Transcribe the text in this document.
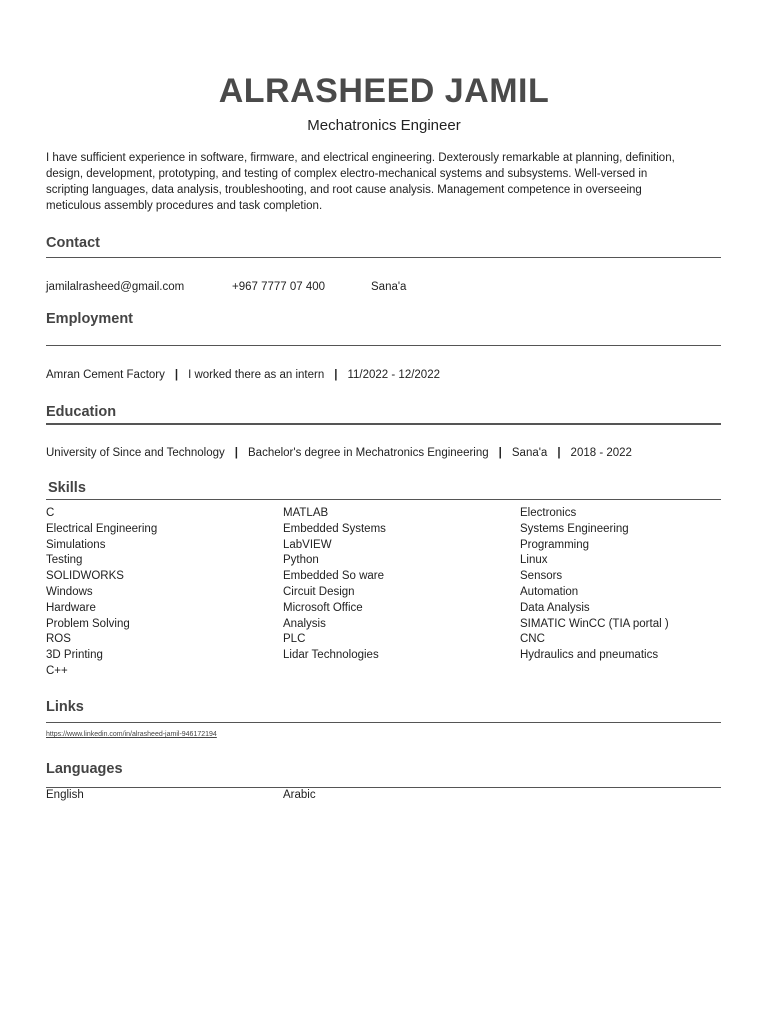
ALRASHEED JAMIL
Mechatronics Engineer
I have sufficient experience in software, firmware, and electrical engineering. Dexterously remarkable at planning, definition, design, development, prototyping, and testing of complex electro-mechanical systems and subsystems. Well-versed in scripting languages, data analysis, troubleshooting, and root cause analysis. Management competence in overseeing meticulous assembly procedures and task completion.
Contact
jamilalrasheed@gmail.com	+967 7777 07 400	Sana'a
Employment
Amran Cement Factory | I worked there as an intern | 11/2022 - 12/2022
Education
University of Since and Technology | Bachelor's degree in Mechatronics Engineering | Sana'a | 2018 - 2022
Skills
C	MATLAB	Electronics
Electrical Engineering	Embedded Systems	Systems Engineering
Simulations	LabVIEW	Programming
Testing	Python	Linux
SOLIDWORKS	Embedded So ware	Sensors
Windows	Circuit Design	Automation
Hardware	Microsoft Office	Data Analysis
Problem Solving	Analysis	SIMATIC WinCC (TIA portal )
ROS	PLC	CNC
3D Printing	Lidar Technologies	Hydraulics and pneumatics
C++
Links
https://www.linkedin.com/in/alrasheed-jamil-946172194
Languages
English	Arabic
